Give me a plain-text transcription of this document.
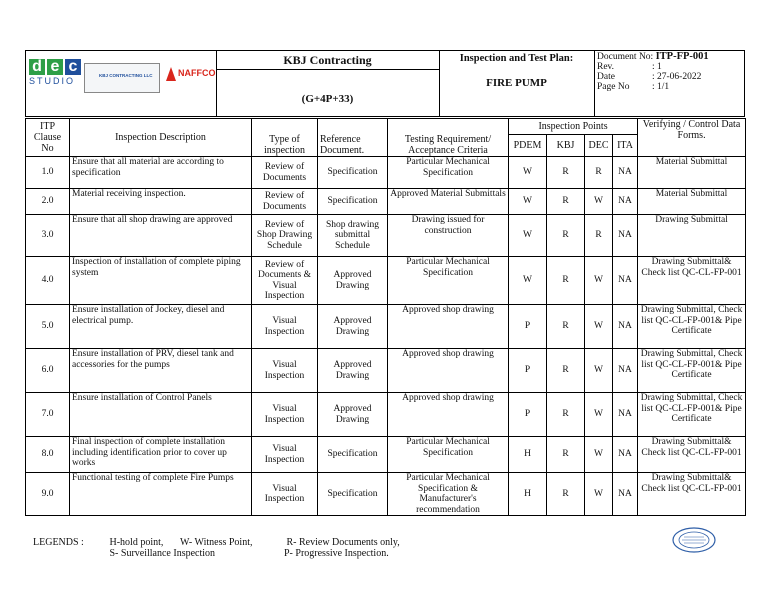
d e c
STUDIO
KBJ CONTRACTING LLC	NAFFCO
KBJ Contracting
(G+4P+33)
Inspection and Test Plan:
FIRE PUMP
Document No: ITP-FP-001
Rev.	: 1
Date	: 27-06-2022
Page No : 1/1
ITP Clause No	Inspection Description	Type of inspection	Reference Document.	Testing Requirement/ Acceptance Criteria	Inspection Points				Verifying / Control Data Forms.
					PDEM	KBJ	DEC	ITA	
1.0	Ensure that all material are according to specification	Review of Documents	Specification	Particular Mechanical Specification	W	R	R	NA	Material Submittal
2.0	Material receiving inspection.	Review of Documents	Specification	Approved Material Submittals	W	R	W	NA	Material Submittal
3.0	Ensure that all shop drawing are approved	Review of Shop Drawing Schedule	Shop drawing submittal Schedule	Drawing issued for construction	W	R	R	NA	Drawing Submittal
4.0	Inspection of installation of complete piping system	Review of Documents & Visual Inspection	Approved Drawing	Particular Mechanical Specification	W	R	W	NA	Drawing Submittal& Check list QC-CL-FP-001
5.0	Ensure installation of Jockey, diesel and electrical pump.	Visual Inspection	Approved Drawing	Approved shop drawing	P	R	W	NA	Drawing Submittal, Check list QC-CL-FP-001& Pipe Certificate
6.0	Ensure installation of PRV, diesel tank and accessories for the pumps	Visual Inspection	Approved Drawing	Approved shop drawing	P	R	W	NA	Drawing Submittal, Check list QC-CL-FP-001& Pipe Certificate
7.0	Ensure installation of Control Panels	Visual Inspection	Approved Drawing	Approved shop drawing	P	R	W	NA	Drawing Submittal, Check list QC-CL-FP-001& Pipe Certificate
8.0	Final inspection of complete installation including identification prior to cover up works	Visual Inspection	Specification	Particular Mechanical Specification	H	R	W	NA	Drawing Submittal& Check list QC-CL-FP-001
9.0	Functional testing of complete Fire Pumps	Visual Inspection	Specification	Particular Mechanical Specification & Manufacturer's recommendation	H	R	W	NA	Drawing Submittal& Check list QC-CL-FP-001
LEGENDS :	H-hold point, W- Witness Point,	R- Review Documents only,
S- Surveillance Inspection	P- Progressive Inspection.
